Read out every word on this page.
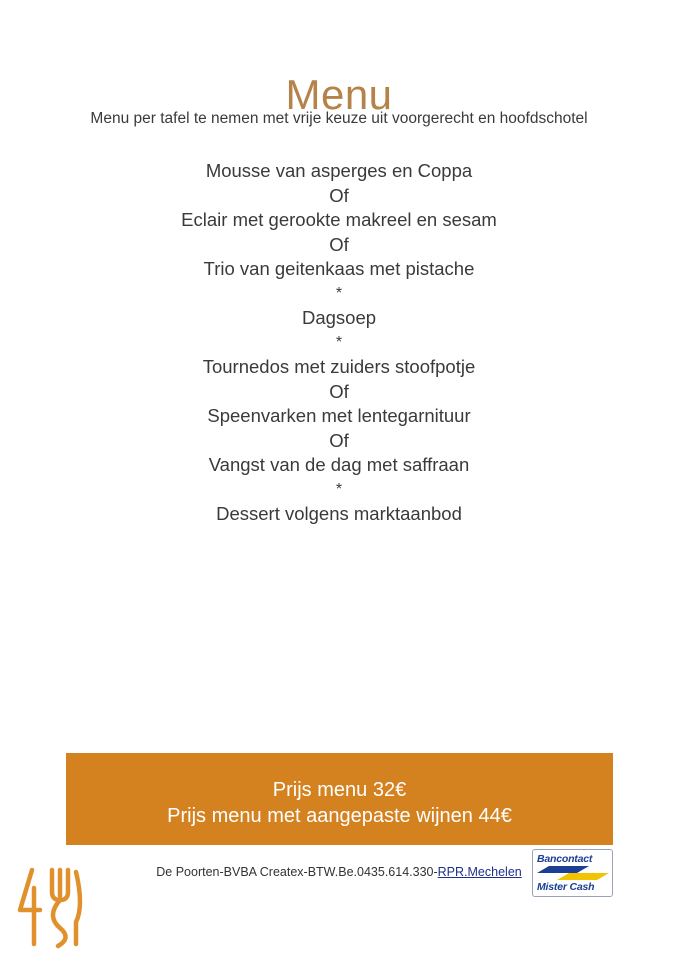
Menu
Menu per tafel te nemen met vrije keuze uit voorgerecht en hoofdschotel
Mousse van asperges en Coppa
Of
Eclair met gerookte makreel en sesam
Of
Trio van geitenkaas met pistache
*
Dagsoep
*
Tournedos met zuiders stoofpotje
Of
Speenvarken met lentegarnituur
Of
Vangst van de dag met saffraan
*
Dessert volgens marktaanbod
Prijs menu 32€
Prijs menu met aangepaste wijnen 44€
De Poorten-BVBA Createx-BTW.Be.0435.614.330-RPR.Mechelen
Bancontact
Mister Cash
